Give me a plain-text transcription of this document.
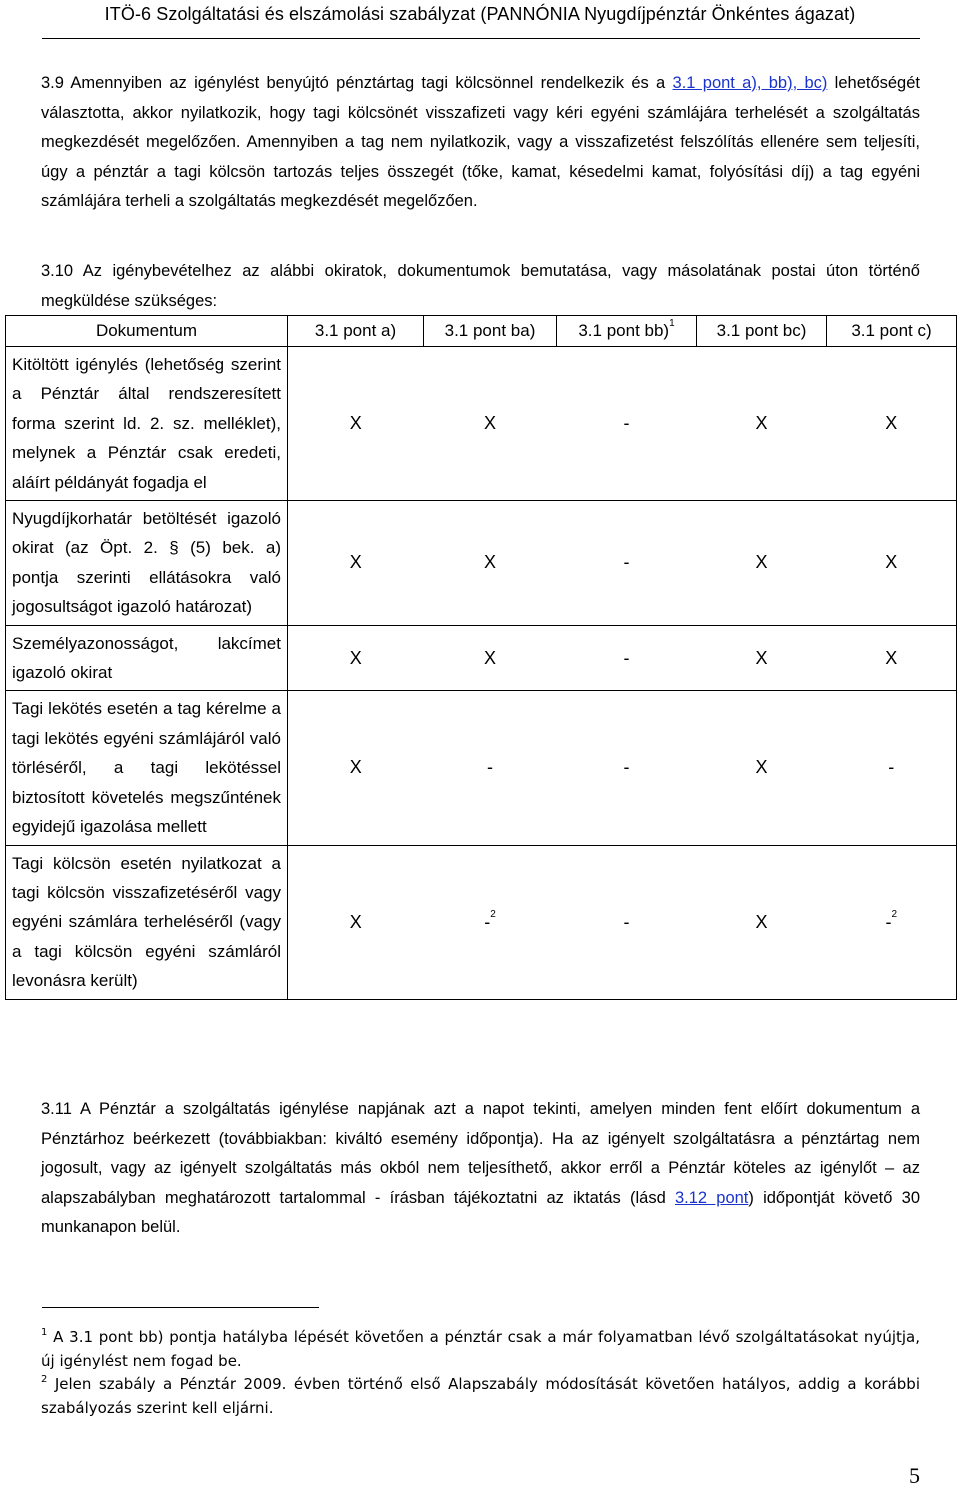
ITÖ-6 Szolgáltatási és elszámolási szabályzat (PANNÓNIA Nyugdíjpénztár Önkéntes ágazat)
3.9 Amennyiben az igénylést benyújtó pénztártag tagi kölcsönnel rendelkezik és a 3.1 pont a), bb), bc) lehetőségét választotta, akkor nyilatkozik, hogy tagi kölcsönét visszafizeti vagy kéri egyéni számlájára terhelését a szolgáltatás megkezdését megelőzően. Amennyiben a tag nem nyilatkozik, vagy a visszafizetést felszólítás ellenére sem teljesíti, úgy a pénztár a tagi kölcsön tartozás teljes összegét (tőke, kamat, késedelmi kamat, folyósítási díj) a tag egyéni számlájára terheli a szolgáltatás megkezdését megelőzően.
3.10 Az igénybevételhez az alábbi okiratok, dokumentumok bemutatása, vagy másolatának postai úton történő megküldése szükséges:
Dokumentum	3.1 pont a)	3.1 pont ba)	3.1 pont bb)$^1$	3.1 pont bc)	3.1 pont c)
Kitöltött igénylés (lehetőség szerint a Pénztár által rendszeresített forma szerint ld. 2. sz. melléklet), melynek a Pénztár csak eredeti, aláírt példányát fogadja el	X	X	-	X	X
Nyugdíjkorhatár betöltését igazoló okirat (az Öpt. 2. § (5) bek. a) pontja szerinti ellátásokra való jogosultságot igazoló határozat)	X	X	-	X	X
Személyazonosságot, lakcímet igazoló okirat	X	X	-	X	X
Tagi lekötés esetén a tag kérelme a tagi lekötés egyéni számlájáról való törléséről, a tagi lekötéssel biztosított követelés megszűntének egyidejű igazolása mellett	X	-	-	X	-
Tagi kölcsön esetén nyilatkozat a tagi kölcsön visszafizetéséről vagy egyéni számlára terheléséről (vagy a tagi kölcsön egyéni számláról levonásra került)	X	-$^2$	-	X	-$^2$
3.11 A Pénztár a szolgáltatás igénylése napjának azt a napot tekinti, amelyen minden fent előírt dokumentum a Pénztárhoz beérkezett (továbbiakban: kiváltó esemény időpontja). Ha az igényelt szolgáltatásra a pénztártag nem jogosult, vagy az igényelt szolgáltatás más okból nem teljesíthető, akkor erről a Pénztár köteles az igénylőt – az alapszabályban meghatározott tartalommal - írásban tájékoztatni az iktatás (lásd 3.12 pont) időpontját követő 30 munkanapon belül.
$^1$ A 3.1 pont bb) pontja hatályba lépését követően a pénztár csak a már folyamatban lévő szolgáltatásokat nyújtja, új igénylést nem fogad be.
$^2$ Jelen szabály a Pénztár 2009. évben történő első Alapszabály módosítását követően hatályos, addig a korábbi szabályozás szerint kell eljárni.
5
